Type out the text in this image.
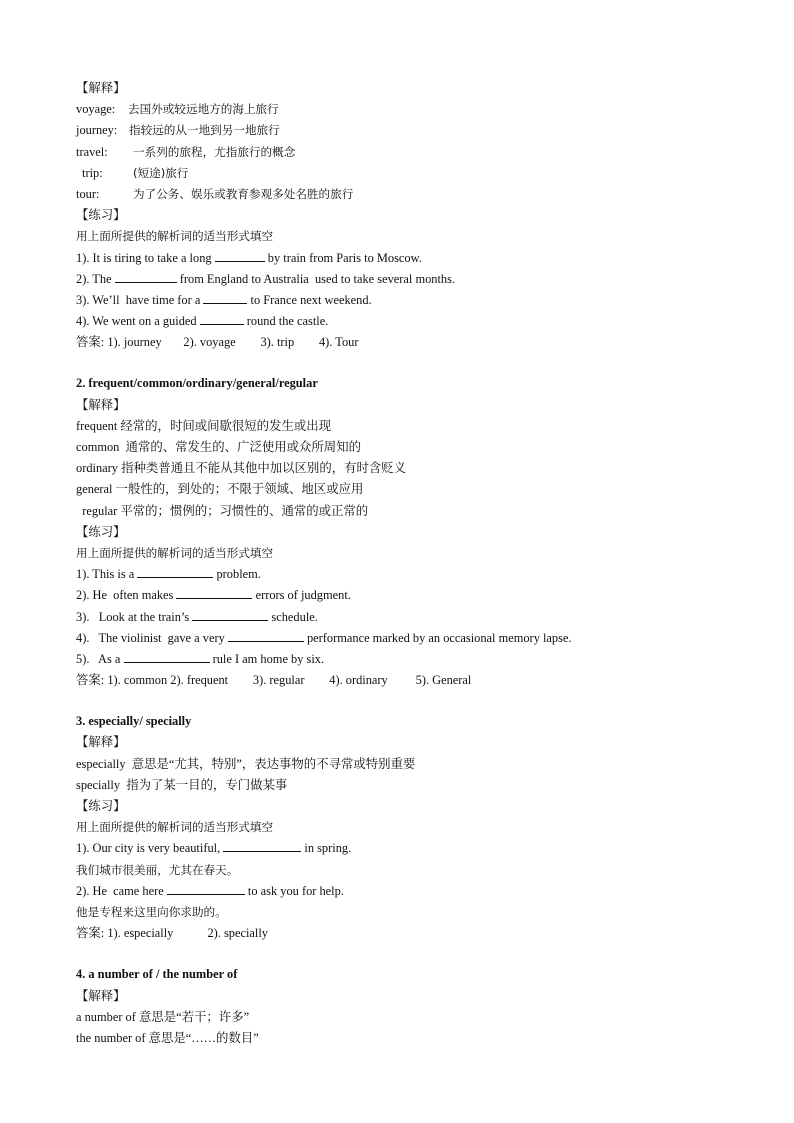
【解释】
voyage: 去国外或较远地方的海上旅行
journey: 指较远的从一地到另一地旅行
travel: 一系列的旅程，尤指旅行的概念
trip:	(短途)旅行
tour:	为了公务、娱乐或教育参观多处名胜的旅行
【练习】
用上面所提供的解析词的适当形式填空
1). It is tiring to take a long	by train from Paris to Moscow.
2). The	from England to Australia  used to take several months.
3). We’ll  have time for a	to France next weekend.
4). We went on a guided	round the castle.
答案: 1). journey       2). voyage        3). trip        4). Tour
2. frequent/common/ordinary/general/regular
【解释】
frequent 经常的，时间或间歇很短的发生或出现
common  通常的、常发生的、广泛使用或众所周知的
ordinary 指种类普通且不能从其他中加以区别的，有时含贬义
general 一般性的，到处的；不限于领域、地区或应用
regular 平常的；惯例的；习惯性的、通常的或正常的
【练习】
用上面所提供的解析词的适当形式填空
1). This is a	problem.
2). He  often makes	errors of judgment.
3).   Look at the train’s	schedule.
4).   The violinist  gave a very	performance marked by an occasional memory lapse.
5).   As a	rule I am home by six.
答案: 1). common 2). frequent        3). regular        4). ordinary         5). General
3. especially/ specially
【解释】
especially  意思是“尤其，特别”，表达事物的不寻常或特别重要
specially  指为了某一目的，专门做某事
【练习】
用上面所提供的解析词的适当形式填空
1). Our city is very beautiful,	in spring.
我们城市很美丽，尤其在春天。
2). He  came here	to ask you for help.
他是专程来这里向你求助的。
答案: 1). especially           2). specially
4. a number of / the number of
【解释】
a number of 意思是“若干；许多”
the number of 意思是“……的数目”
